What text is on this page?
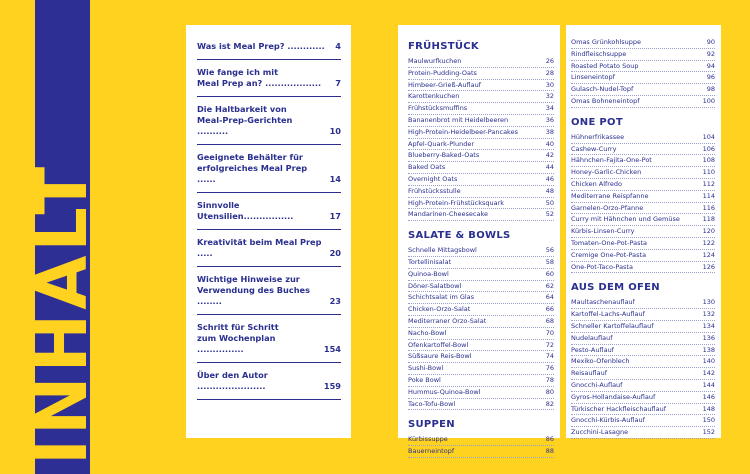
INHALT
Was ist Meal Prep? ............ 4
Wie fange ich mit
Meal Prep an? .................. 7
Die Haltbarkeit von
Meal-Prep-Gerichten ..........	10
Geeignete Behälter für
erfolgreiches Meal Prep ......	14
Sinnvolle Utensilien................	17
Kreativität beim Meal Prep .....	20
Wichtige Hinweise zur
Verwendung des Buches ........	23
Schritt für Schritt
zum Wochenplan ...............	154
Über den Autor ......................	159
FRÜHSTÜCK
Maulwurfkuchen	26
Protein-Pudding-Oats	28
Himbeer-Grieß-Auflauf	30
Karottenkuchen	32
Frühstücksmuffins	34
Bananenbrot mit Heidelbeeren	36
High-Protein-Heidelbeer-Pancakes	38
Apfel-Quark-Plunder	40
Blueberry-Baked-Oats	42
Baked Oats	44
Overnight Oats	46
Frühstücksstulle	48
High-Protein-Frühstücksquark	50
Mandarinen-Cheesecake	52
SALATE & BOWLS
Schnelle Mittagsbowl	56
Tortellinisalat	58
Quinoa-Bowl	60
Döner-Salatbowl	62
Schichtsalat im Glas	64
Chicken-Orzo-Salat	66
Mediterraner Orzo-Salat	68
Nacho-Bowl	70
Ofenkartoffel-Bowl	72
Süßsaure Reis-Bowl	74
Sushi-Bowl	76
Poke Bowl	78
Hummus-Quinoa-Bowl	80
Taco-Tofu-Bowl	82
SUPPEN
Kürbissuppe	86
Bauerneintopf	88
Omas Grünkohlsuppe	90
Rindfleischsuppe	92
Roasted Potato Soup	94
Linseneintopf	96
Gulasch-Nudel-Topf	98
Omas Bohneneintopf	100
ONE POT
Hühnerfrikassee	104
Cashew-Curry	106
Hähnchen-Fajita-One-Pot	108
Honey-Garlic-Chicken	110
Chicken Alfredo	112
Mediterrane Reispfanne	114
Garnelen-Orzo-Pfanne	116
Curry mit Hähnchen und Gemüse	118
Kürbis-Linsen-Curry	120
Tomaten-One-Pot-Pasta	122
Cremige One-Pot-Pasta	124
One-Pot-Taco-Pasta	126
AUS DEM OFEN
Maultaschenauflauf	130
Kartoffel-Lachs-Auflauf	132
Schneller Kartoffelauflauf	134
Nudelauflauf	136
Pesto-Auflauf	138
Mexiko-Ofenblech	140
Reisauflauf	142
Gnocchi-Auflauf	144
Gyros-Hollandaise-Auflauf	146
Türkischer Hackfleischauflauf	148
Gnocchi-Kürbis-Auflauf	150
Zucchini-Lasagne	152
